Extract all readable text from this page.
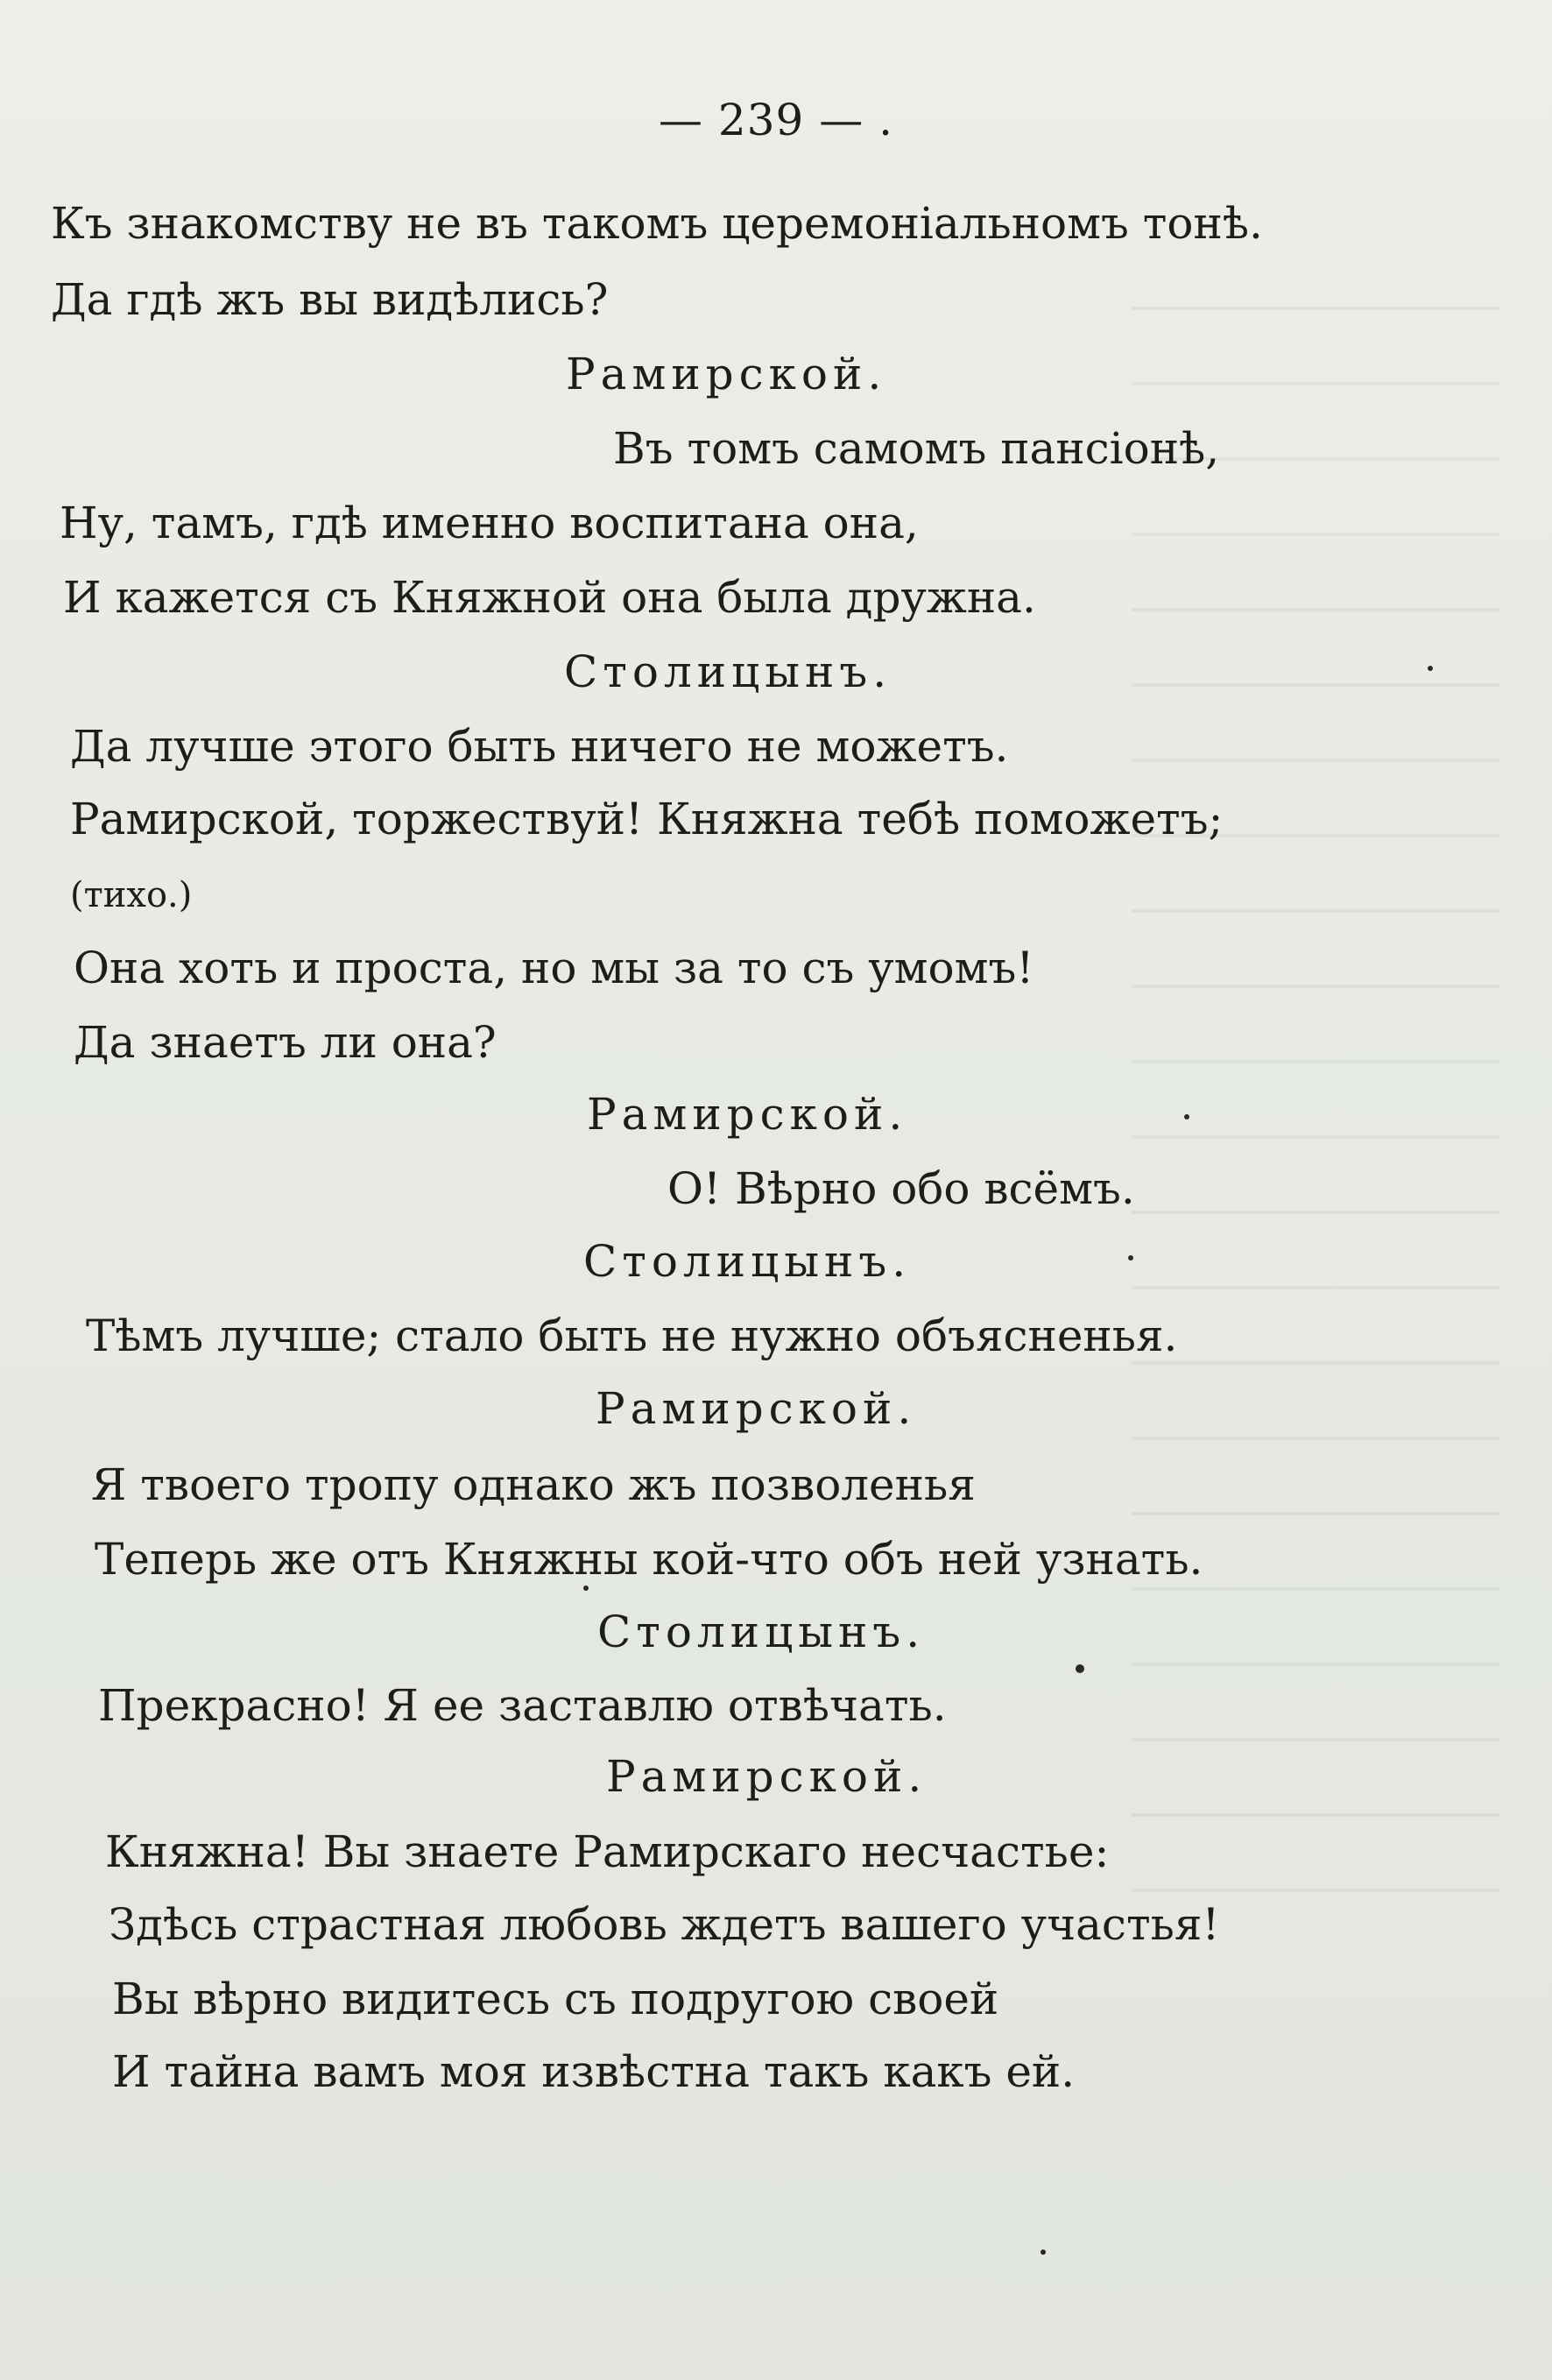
— 239 — .
Къ знакомству не въ такомъ церемоніальномъ тонѣ.
Да гдѣ жъ вы видѣлись?
Рамирской.
Въ томъ самомъ пансіонѣ,
Ну, тамъ, гдѣ именно воспитана она,
И кажется съ Княжной она была дружна.
Столицынъ.
Да лучше этого быть ничего не можетъ.
Рамирской, торжествуй! Княжна тебѣ поможетъ;
(тихо.)
Она хоть и проста, но мы за то съ умомъ!
Да знаетъ ли она?
Рамирской.
О! Вѣрно обо всёмъ.
Столицынъ.
Тѣмъ лучше; стало быть не нужно объясненья.
Рамирской.
Я твоего тропу однако жъ позволенья
Теперь же отъ Княжны кой-что объ ней узнать.
Столицынъ.
Прекрасно! Я ее заставлю отвѣчать.
Рамирской.
Княжна! Вы знаете Рамирскаго несчастье:
Здѣсь страстная любовь ждетъ вашего участья!
Вы вѣрно видитесь съ подругою своей
И тайна вамъ моя извѣстна такъ какъ ей.
